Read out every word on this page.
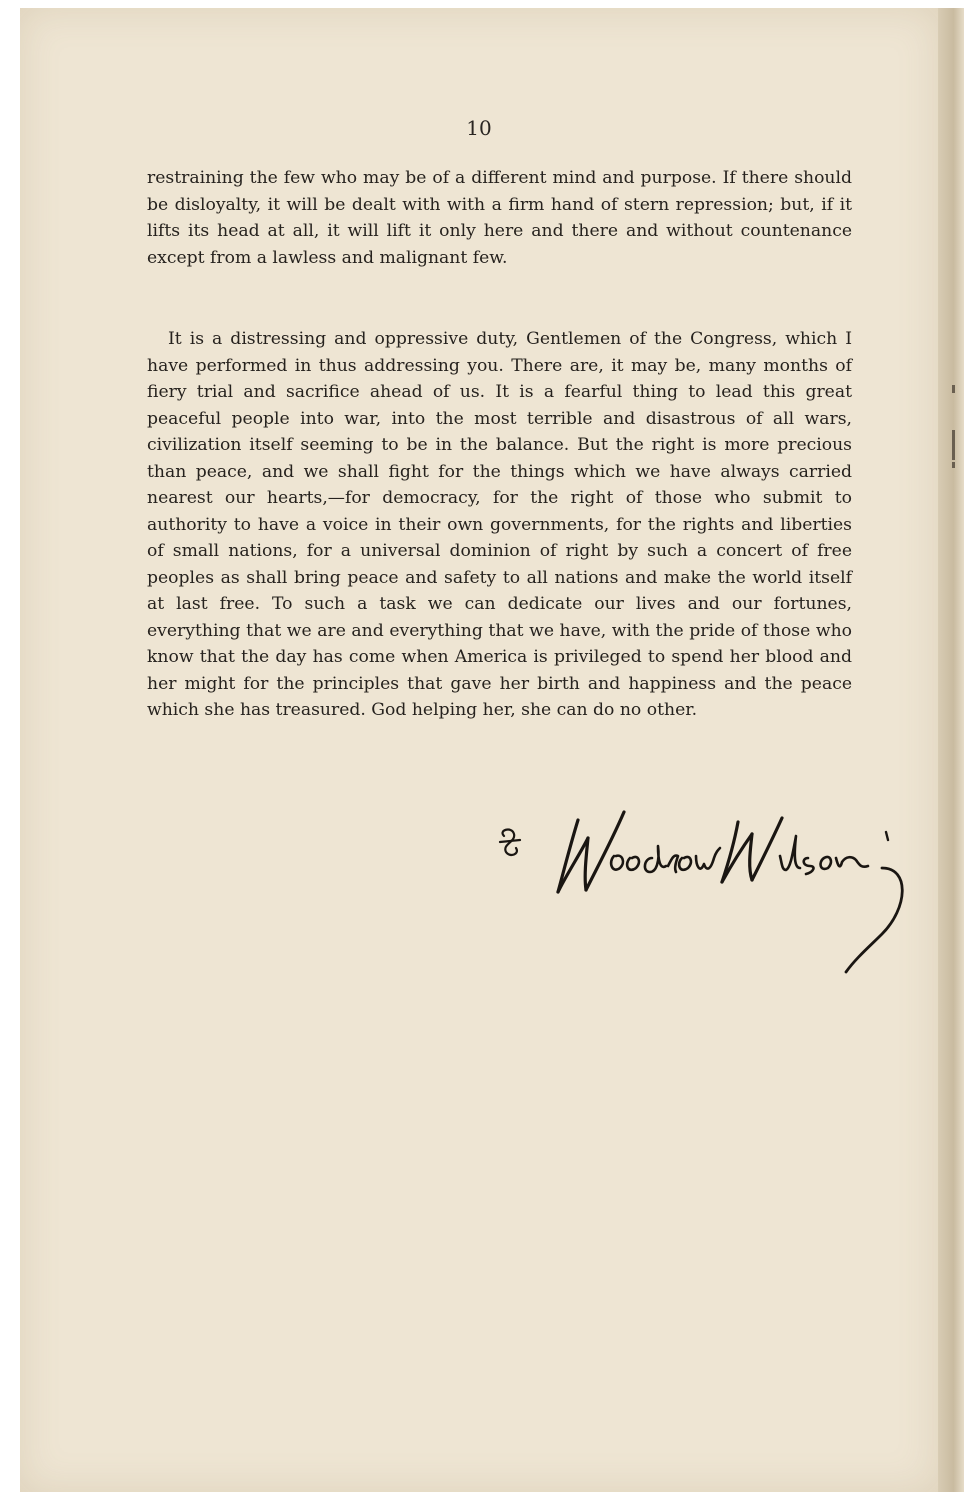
10
restraining the few who may be of a different mind and purpose. If there should be disloyalty, it will be dealt with with a firm hand of stern repression; but, if it lifts its head at all, it will lift it only here and there and without countenance except from a lawless and malignant few.
It is a distressing and oppressive duty, Gentlemen of the Congress, which I have performed in thus addressing you. There are, it may be, many months of fiery trial and sacrifice ahead of us. It is a fearful thing to lead this great peaceful people into war, into the most terrible and disastrous of all wars, civilization itself seeming to be in the balance. But the right is more precious than peace, and we shall fight for the things which we have always carried nearest our hearts,—for democracy, for the right of those who submit to authority to have a voice in their own governments, for the rights and liberties of small nations, for a universal dominion of right by such a concert of free peoples as shall bring peace and safety to all nations and make the world itself at last free. To such a task we can dedicate our lives and our fortunes, everything that we are and everything that we have, with the pride of those who know that the day has come when America is privileged to spend her blood and her might for the principles that gave her birth and happiness and the peace which she has treasured. God helping her, she can do no other.
